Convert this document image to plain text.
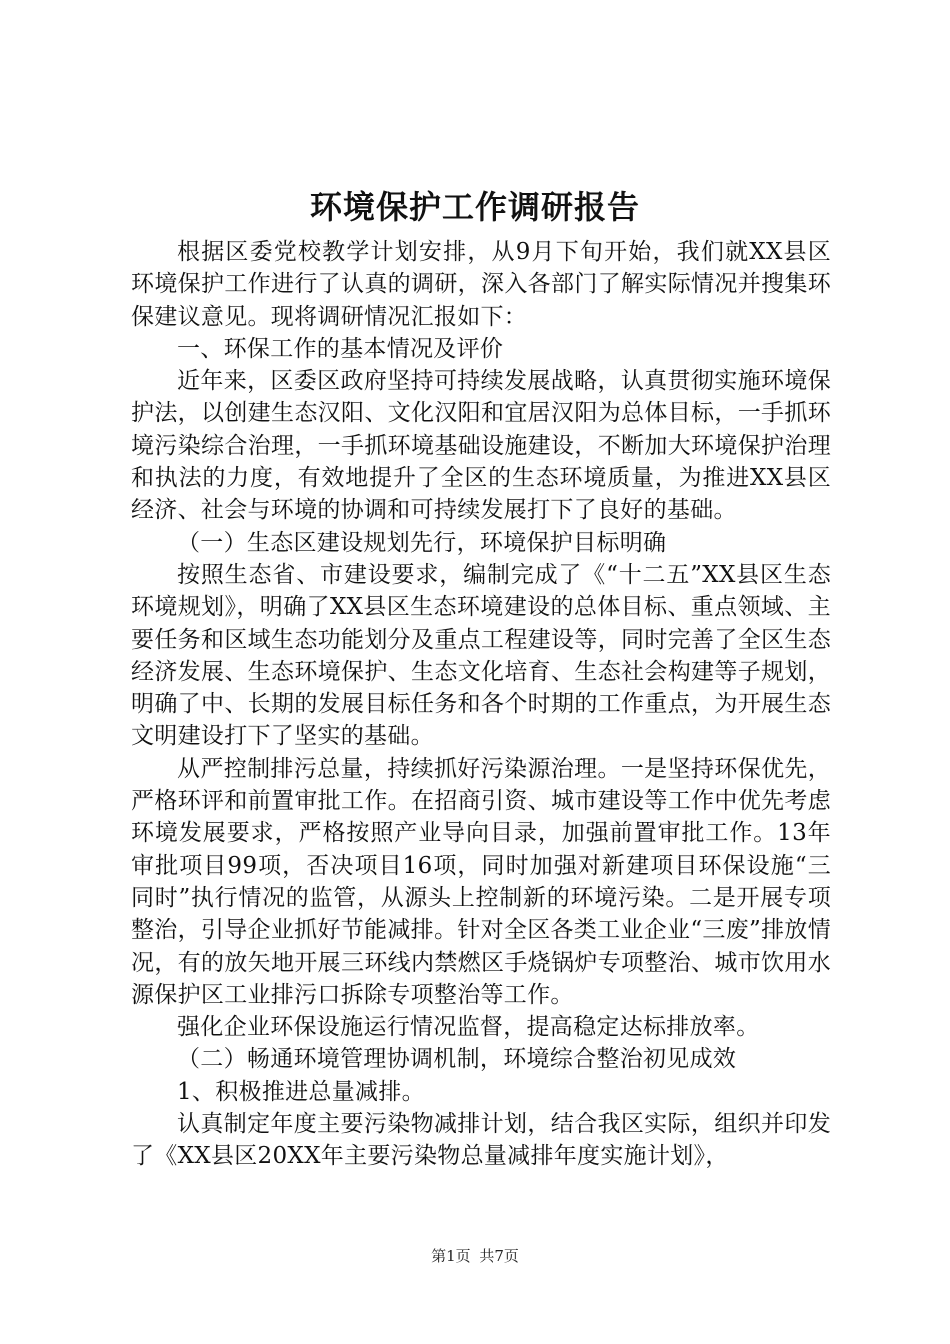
环境保护工作调研报告

根据区委党校教学计划安排，从9月下旬开始，我们就XX县区环境保护工作进行了认真的调研，深入各部门了解实际情况并搜集环保建议意见。现将调研情况汇报如下：

一、环保工作的基本情况及评价

近年来，区委区政府坚持可持续发展战略，认真贯彻实施环境保护法，以创建生态汉阳、文化汉阳和宜居汉阳为总体目标，一手抓环境污染综合治理，一手抓环境基础设施建设，不断加大环境保护治理和执法的力度，有效地提升了全区的生态环境质量，为推进XX县区经济、社会与环境的协调和可持续发展打下了良好的基础。

（一）生态区建设规划先行，环境保护目标明确

按照生态省、市建设要求，编制完成了《“十二五”XX县区生态环境规划》，明确了XX县区生态环境建设的总体目标、重点领域、主要任务和区域生态功能划分及重点工程建设等，同时完善了全区生态经济发展、生态环境保护、生态文化培育、生态社会构建等子规划，明确了中、长期的发展目标任务和各个时期的工作重点，为开展生态文明建设打下了坚实的基础。

从严控制排污总量，持续抓好污染源治理。一是坚持环保优先，严格环评和前置审批工作。在招商引资、城市建设等工作中优先考虑环境发展要求，严格按照产业导向目录，加强前置审批工作。13年审批项目99项，否决项目16项，同时加强对新建项目环保设施“三同时”执行情况的监管，从源头上控制新的环境污染。二是开展专项整治，引导企业抓好节能减排。针对全区各类工业企业“三废”排放情况，有的放矢地开展三环线内禁燃区手烧锅炉专项整治、城市饮用水源保护区工业排污口拆除专项整治等工作。

强化企业环保设施运行情况监督，提高稳定达标排放率。

（二）畅通环境管理协调机制，环境综合整治初见成效

1、积极推进总量减排。

认真制定年度主要污染物减排计划，结合我区实际，组织并印发了《XX县区20XX年主要污染物总量减排年度实施计划》，

第1页 共7页
